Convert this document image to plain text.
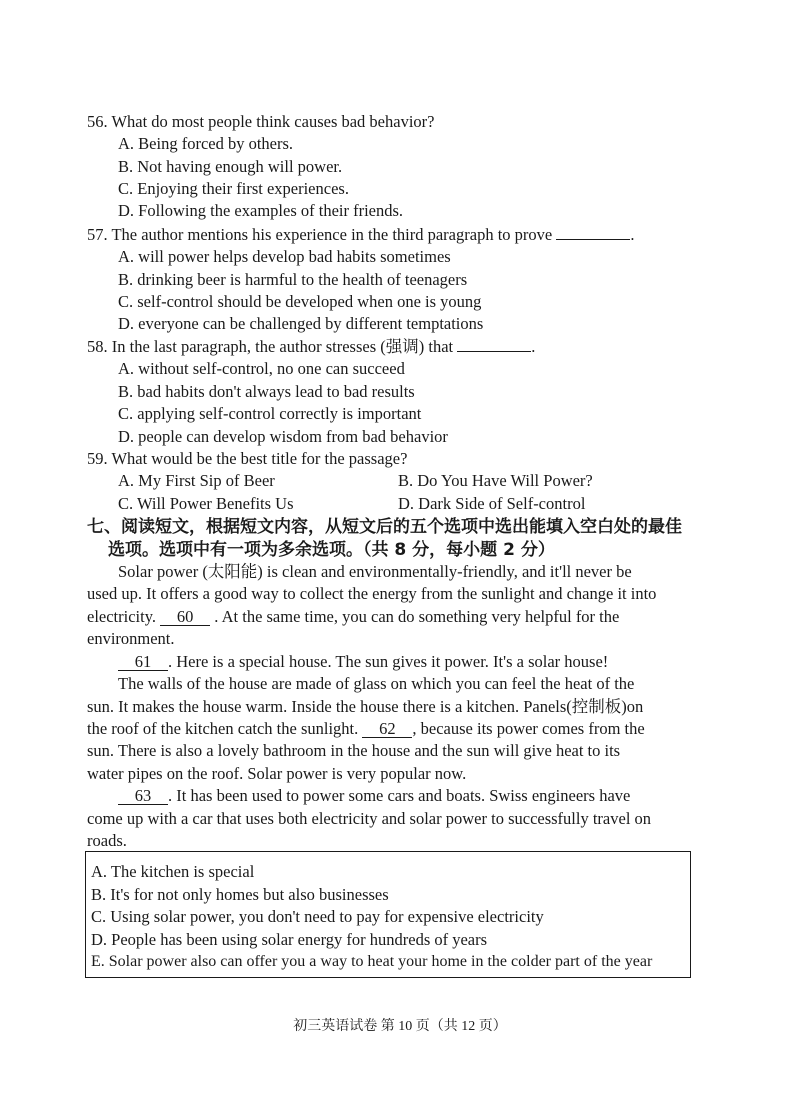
56. What do most people think causes bad behavior?
A. Being forced by others.
B. Not having enough will power.
C. Enjoying their first experiences.
D. Following the examples of their friends.
57. The author mentions his experience in the third paragraph to prove	.
A. will power helps develop bad habits sometimes
B. drinking beer is harmful to the health of teenagers
C. self-control should be developed when one is young
D. everyone can be challenged by different temptations
58. In the last paragraph, the author stresses (强调) that	.
A. without self-control, no one can succeed
B. bad habits don't always lead to bad results
C. applying self-control correctly is important
D. people can develop wisdom from bad behavior
59. What would be the best title for the passage?
A. My First Sip of Beer	B. Do You Have Will Power?
C. Will Power Benefits Us	D. Dark Side of Self-control
七、阅读短文，根据短文内容，从短文后的五个选项中选出能填入空白处的最佳
选项。选项中有一项为多余选项。（共 8 分，每小题 2 分）
Solar power (太阳能) is clean and environmentally-friendly, and it'll never be
used up. It offers a good way to collect the energy from the sunlight and change it into
electricity. 60 . At the same time, you can do something very helpful for the
environment.
61 . Here is a special house. The sun gives it power. It's a solar house!
The walls of the house are made of glass on which you can feel the heat of the
sun. It makes the house warm. Inside the house there is a kitchen. Panels(控制板)on
the roof of the kitchen catch the sunlight. 62 , because its power comes from the
sun. There is also a lovely bathroom in the house and the sun will give heat to its
water pipes on the roof. Solar power is very popular now.
63 . It has been used to power some cars and boats. Swiss engineers have
come up with a car that uses both electricity and solar power to successfully travel on
roads.
A. The kitchen is special
B. It's for not only homes but also businesses
C. Using solar power, you don't need to pay for expensive electricity
D. People has been using solar energy for hundreds of years
E. Solar power also can offer you a way to heat your home in the colder part of the year
初三英语试卷 第 10 页（共 12 页）
